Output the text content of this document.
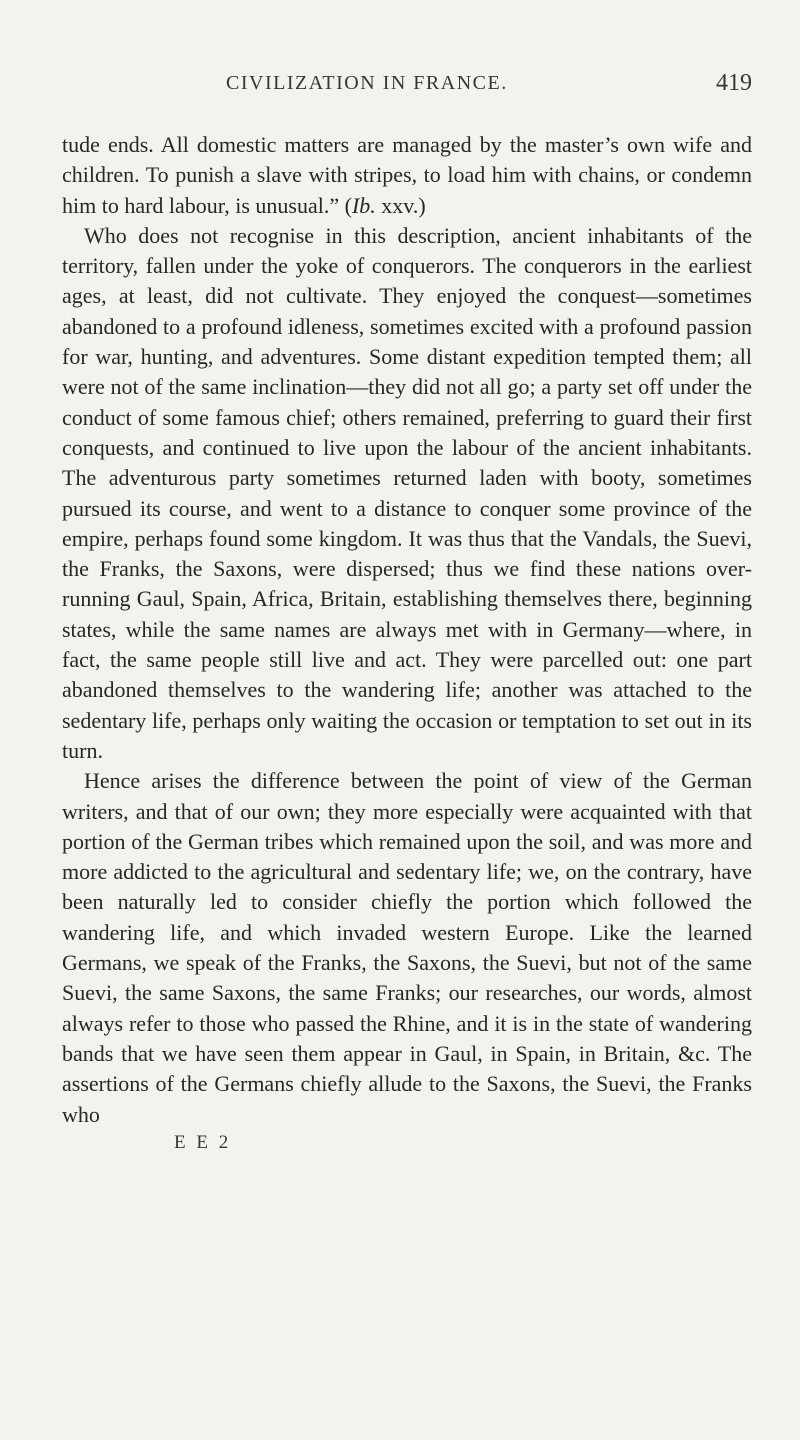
CIVILIZATION IN FRANCE.	419

tude ends. All domestic matters are managed by the master’s own wife and children. To punish a slave with stripes, to load him with chains, or condemn him to hard labour, is unusual.” (Ib. xxv.)

Who does not recognise in this description, ancient inhabitants of the territory, fallen under the yoke of conquerors. The conquerors in the earliest ages, at least, did not cultivate. They enjoyed the conquest—sometimes abandoned to a profound idleness, sometimes excited with a profound passion for war, hunting, and adventures. Some distant expedition tempted them; all were not of the same inclination—they did not all go; a party set off under the conduct of some famous chief; others remained, preferring to guard their first conquests, and continued to live upon the labour of the ancient inhabitants. The adventurous party sometimes returned laden with booty, sometimes pursued its course, and went to a distance to conquer some province of the empire, perhaps found some kingdom. It was thus that the Vandals, the Suevi, the Franks, the Saxons, were dispersed; thus we find these nations over-running Gaul, Spain, Africa, Britain, establishing themselves there, beginning states, while the same names are always met with in Germany—where, in fact, the same people still live and act. They were parcelled out: one part abandoned themselves to the wandering life; another was attached to the sedentary life, perhaps only waiting the occasion or temptation to set out in its turn.

Hence arises the difference between the point of view of the German writers, and that of our own; they more especially were acquainted with that portion of the German tribes which remained upon the soil, and was more and more addicted to the agricultural and sedentary life; we, on the contrary, have been naturally led to consider chiefly the portion which followed the wandering life, and which invaded western Europe. Like the learned Germans, we speak of the Franks, the Saxons, the Suevi, but not of the same Suevi, the same Saxons, the same Franks; our researches, our words, almost always refer to those who passed the Rhine, and it is in the state of wandering bands that we have seen them appear in Gaul, in Spain, in Britain, &c. The assertions of the Germans chiefly allude to the Saxons, the Suevi, the Franks who

E E 2
